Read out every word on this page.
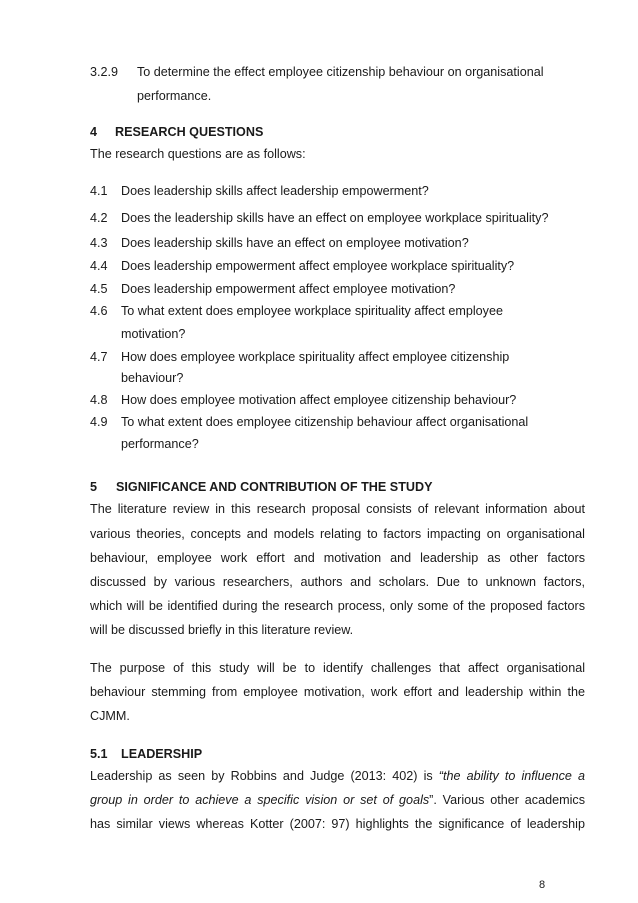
3.2.9 To determine the effect employee citizenship behaviour on organisational
performance.
4 RESEARCH QUESTIONS
The research questions are as follows:
4.1 Does leadership skills affect leadership empowerment?
4.2 Does the leadership skills have an effect on employee workplace spirituality?
4.3 Does leadership skills have an effect on employee motivation?
4.4 Does leadership empowerment affect employee workplace spirituality?
4.5 Does leadership empowerment affect employee motivation?
4.6 To what extent does employee workplace spirituality affect employee
motivation?
4.7 How does employee workplace spirituality affect employee citizenship
behaviour?
4.8 How does employee motivation affect employee citizenship behaviour?
4.9 To what extent does employee citizenship behaviour affect organisational
performance?
5 SIGNIFICANCE AND CONTRIBUTION OF THE STUDY
The literature review in this research proposal consists of relevant information about
various theories, concepts and models relating to factors impacting on organisational
behaviour, employee work effort and motivation and leadership as other factors
discussed by various researchers, authors and scholars. Due to unknown factors,
which will be identified during the research process, only some of the proposed factors
will be discussed briefly in this literature review.
The purpose of this study will be to identify challenges that affect organisational
behaviour stemming from employee motivation, work effort and leadership within the
CJMM.
5.1 LEADERSHIP
Leadership as seen by Robbins and Judge (2013: 402) is “the ability to influence a
group in order to achieve a specific vision or set of goals”. Various other academics
has similar views whereas Kotter (2007: 97) highlights the significance of leadership
8
